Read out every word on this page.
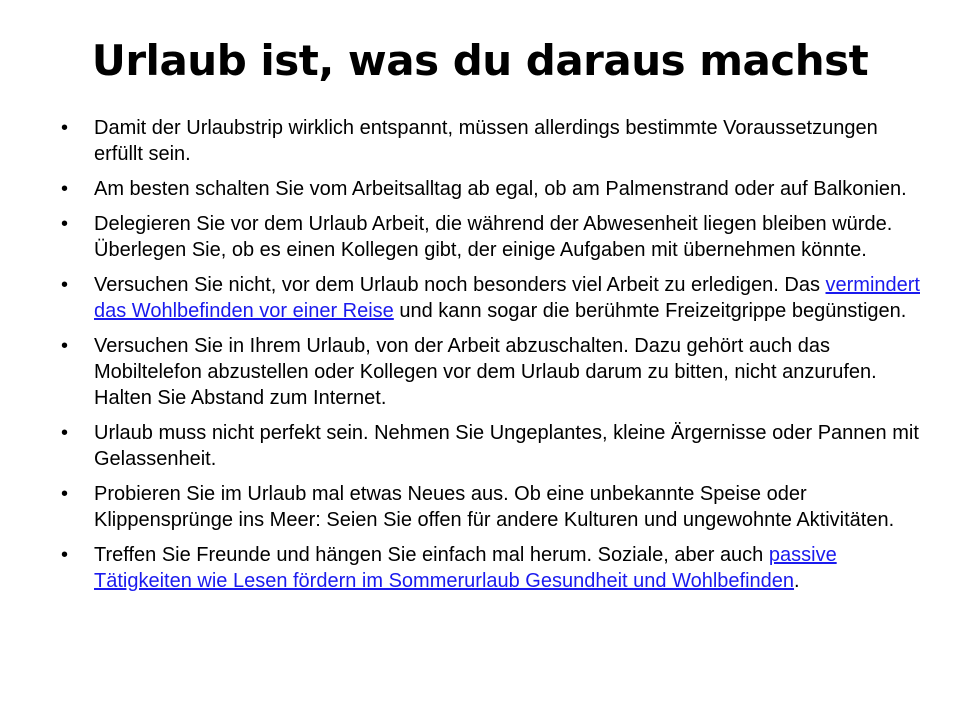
Urlaub ist, was du daraus machst
• Damit der Urlaubstrip wirklich entspannt, müssen allerdings bestimmte Voraussetzungen erfüllt sein.
• Am besten schalten Sie vom Arbeitsalltag ab egal, ob am Palmenstrand oder auf Balkonien.
• Delegieren Sie vor dem Urlaub Arbeit, die während der Abwesenheit liegen bleiben würde. Überlegen Sie, ob es einen Kollegen gibt, der einige Aufgaben mit übernehmen könnte.
• Versuchen Sie nicht, vor dem Urlaub noch besonders viel Arbeit zu erledigen. Das vermindert das Wohlbefinden vor einer Reise und kann sogar die berühmte Freizeitgrippe begünstigen.
• Versuchen Sie in Ihrem Urlaub, von der Arbeit abzuschalten. Dazu gehört auch das Mobiltelefon abzustellen oder Kollegen vor dem Urlaub darum zu bitten, nicht anzurufen. Halten Sie Abstand zum Internet.
• Urlaub muss nicht perfekt sein. Nehmen Sie Ungeplantes, kleine Ärgernisse oder Pannen mit Gelassenheit.
• Probieren Sie im Urlaub mal etwas Neues aus. Ob eine unbekannte Speise oder Klippensprünge ins Meer: Seien Sie offen für andere Kulturen und ungewohnte Aktivitäten.
• Treffen Sie Freunde und hängen Sie einfach mal herum. Soziale, aber auch passive Tätigkeiten wie Lesen fördern im Sommerurlaub Gesundheit und Wohlbefinden.
